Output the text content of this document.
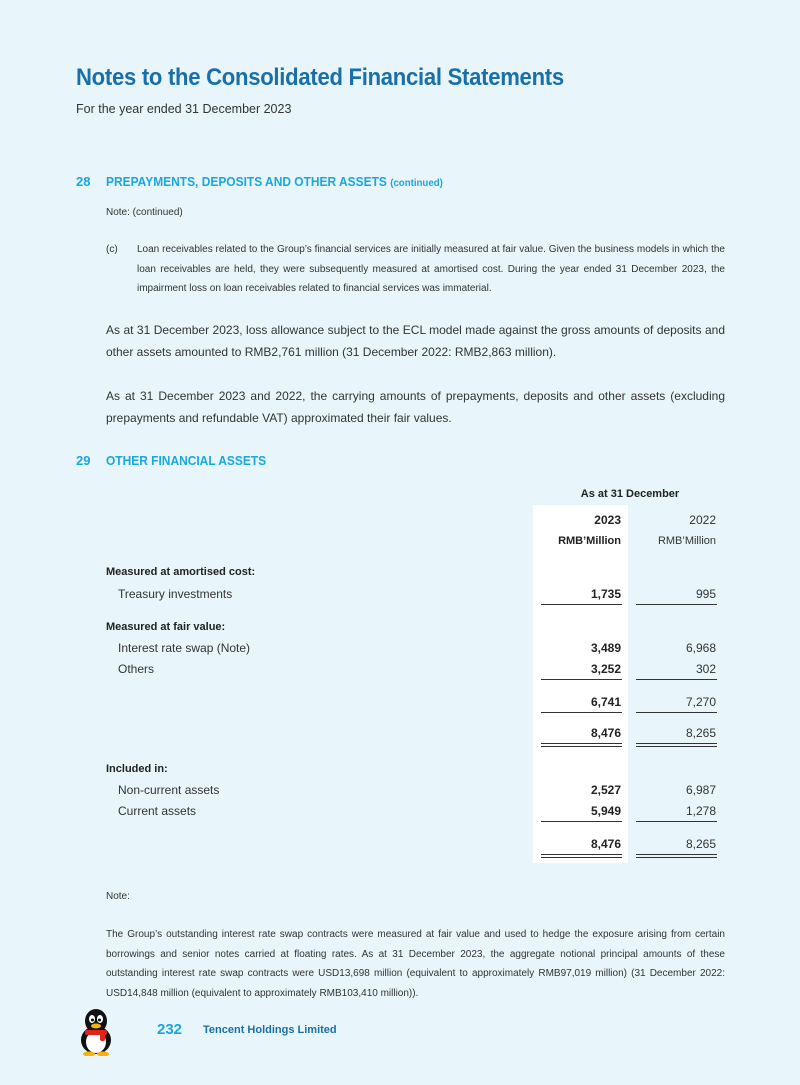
Notes to the Consolidated Financial Statements
For the year ended 31 December 2023
28 PREPAYMENTS, DEPOSITS AND OTHER ASSETS (continued)
Note: (continued)
(c) Loan receivables related to the Group’s financial services are initially measured at fair value. Given the business models in which the loan receivables are held, they were subsequently measured at amortised cost. During the year ended 31 December 2023, the impairment loss on loan receivables related to financial services was immaterial.
As at 31 December 2023, loss allowance subject to the ECL model made against the gross amounts of deposits and other assets amounted to RMB2,761 million (31 December 2022: RMB2,863 million).
As at 31 December 2023 and 2022, the carrying amounts of prepayments, deposits and other assets (excluding prepayments and refundable VAT) approximated their fair values.
29 OTHER FINANCIAL ASSETS
As at 31 December
2023	2022
RMB’Million	RMB’Million
Measured at amortised cost:
Treasury investments	1,735	995
Measured at fair value:
Interest rate swap (Note)	3,489	6,968
Others	3,252	302
6,741	7,270
8,476	8,265
Included in:
Non-current assets	2,527	6,987
Current assets	5,949	1,278
8,476	8,265
Note:
The Group’s outstanding interest rate swap contracts were measured at fair value and used to hedge the exposure arising from certain borrowings and senior notes carried at floating rates. As at 31 December 2023, the aggregate notional principal amounts of these outstanding interest rate swap contracts were USD13,698 million (equivalent to approximately RMB97,019 million) (31 December 2022: USD14,848 million (equivalent to approximately RMB103,410 million)).
232 Tencent Holdings Limited
